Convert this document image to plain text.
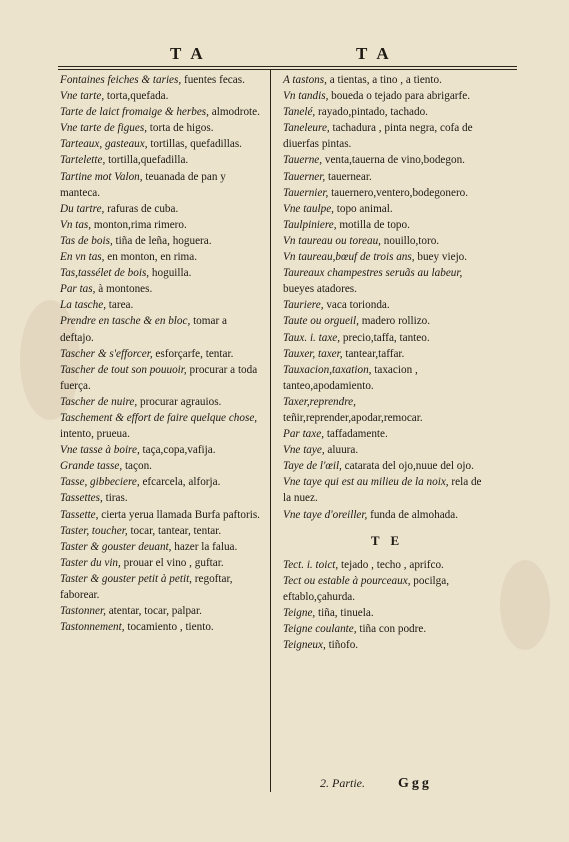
T A	T A

Fontaines feiches & taries, fuentes fecas.

Vne tarte, torta,quefada.

Tarte de laict fromaige & herbes, almodrote.

Vne tarte de figues, torta de higos.

Tarteaux, gasteaux, tortillas, quefadillas.

Tartelette, tortilla,quefadilla.

Tartine mot Valon, teuanada de pan y manteca.

Du tartre, rafuras de cuba.

Vn tas, monton,rima rimero.

Tas de bois, tiña de leña, hoguera.

En vn tas, en monton, en rima.

Tas,tassélet de bois, hoguilla.

Par tas, à montones.

La tasche, tarea.

Prendre en tasche & en bloc, tomar a deftajo.

Tascher & s'efforcer, esforçarfe, tentar.

Tascher de tout son pouuoir, procurar a toda fuerça.

Tascher de nuire, procurar agrauios.

Taschement & effort de faire quelque chose, intento, prueua.

Vne tasse à boire, taça,copa,vafija.

Grande tasse, taçon.

Tasse, gibbeciere, efcarcela, alforja.

Tassettes, tiras.

Tassette, cierta yerua llamada Burfa paftoris.

Taster, toucher, tocar, tantear, tentar.

Taster & gouster deuant, hazer la falua.

Taster du vin, prouar el vino , guftar.

Taster & gouster petit à petit, regoftar, faborear.

Tastonner, atentar, tocar, palpar.

Tastonnement, tocamiento , tiento.

A tastons, a tientas, a tino , a tiento.

Vn tandis, boueda o tejado para abrigarfe.

Tanelé, rayado,pintado, tachado.

Taneleure, tachadura , pinta negra, cofa de diuerfas pintas.

Tauerne, venta,tauerna de vino,bodegon.

Tauerner, tauernear.

Tauernier, tauernero,ventero,bodegonero.

Vne taulpe, topo animal.

Taulpiniere, motilla de topo.

Vn taureau ou toreau, nouillo,toro.

Vn taureau,bœuf de trois ans, buey viejo.

Taureaux champestres seruãs au labeur, bueyes atadores.

Tauriere, vaca torionda.

Taute ou orgueil, madero rollizo.

Taux. i. taxe, precio,taffa, tanteo.

Tauxer, taxer, tantear,taffar.

Tauxacion,taxation, taxacion , tanteo,apodamiento.

Taxer,reprendre, teñir,reprender,apodar,remocar.

Par taxe, taffadamente.

Vne taye, aluura.

Taye de l'œil, catarata del ojo,nuue del ojo.

Vne taye qui est au milieu de la noix, rela de la nuez.

Vne taye d'oreiller, funda de almohada.

T E

Tect. i. toict, tejado , techo , aprifco.

Tect ou estable à pourceaux, pocilga, eftablo,çahurda.

Teigne, tiña, tinuela.

Teigne coulante, tiña con podre.

Teigneux, tiñofo.

2. Partie. Ggg
